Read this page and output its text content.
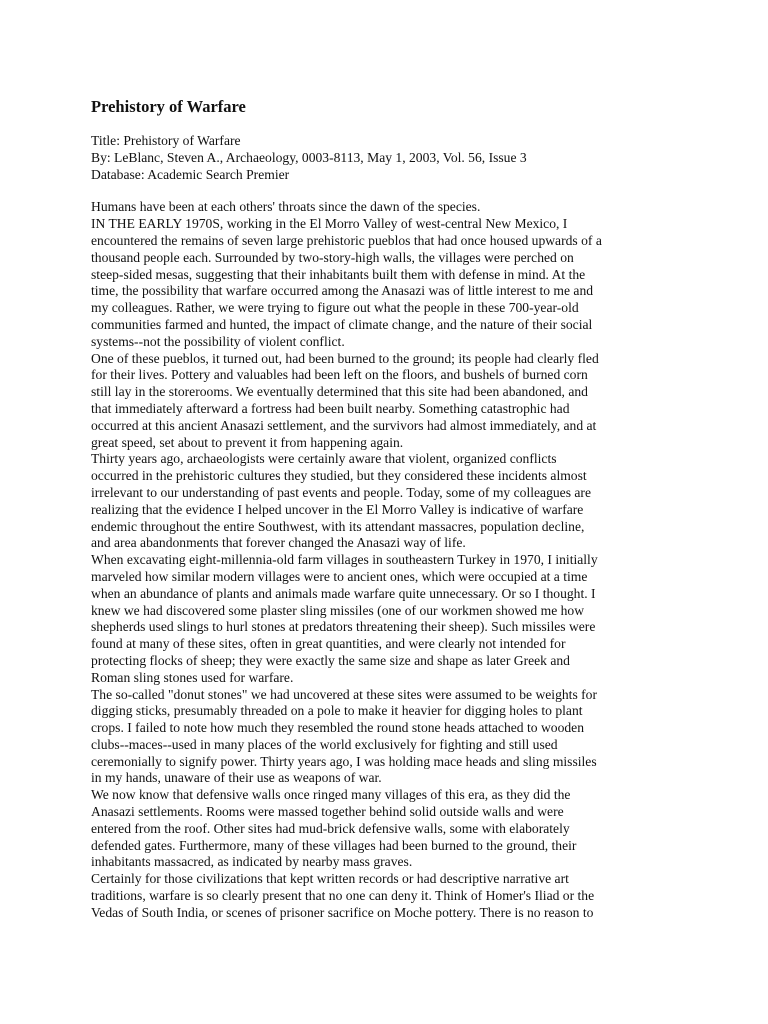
Prehistory of Warfare
Title: Prehistory of Warfare
By: LeBlanc, Steven A., Archaeology, 0003-8113, May 1, 2003, Vol. 56, Issue 3
Database: Academic Search Premier
Humans have been at each others' throats since the dawn of the species.
IN THE EARLY 1970S, working in the El Morro Valley of west-central New Mexico, I
encountered the remains of seven large prehistoric pueblos that had once housed upwards of a
thousand people each. Surrounded by two-story-high walls, the villages were perched on
steep-sided mesas, suggesting that their inhabitants built them with defense in mind. At the
time, the possibility that warfare occurred among the Anasazi was of little interest to me and
my colleagues. Rather, we were trying to figure out what the people in these 700-year-old
communities farmed and hunted, the impact of climate change, and the nature of their social
systems--not the possibility of violent conflict.
One of these pueblos, it turned out, had been burned to the ground; its people had clearly fled
for their lives. Pottery and valuables had been left on the floors, and bushels of burned corn
still lay in the storerooms. We eventually determined that this site had been abandoned, and
that immediately afterward a fortress had been built nearby. Something catastrophic had
occurred at this ancient Anasazi settlement, and the survivors had almost immediately, and at
great speed, set about to prevent it from happening again.
Thirty years ago, archaeologists were certainly aware that violent, organized conflicts
occurred in the prehistoric cultures they studied, but they considered these incidents almost
irrelevant to our understanding of past events and people. Today, some of my colleagues are
realizing that the evidence I helped uncover in the El Morro Valley is indicative of warfare
endemic throughout the entire Southwest, with its attendant massacres, population decline,
and area abandonments that forever changed the Anasazi way of life.
When excavating eight-millennia-old farm villages in southeastern Turkey in 1970, I initially
marveled how similar modern villages were to ancient ones, which were occupied at a time
when an abundance of plants and animals made warfare quite unnecessary. Or so I thought. I
knew we had discovered some plaster sling missiles (one of our workmen showed me how
shepherds used slings to hurl stones at predators threatening their sheep). Such missiles were
found at many of these sites, often in great quantities, and were clearly not intended for
protecting flocks of sheep; they were exactly the same size and shape as later Greek and
Roman sling stones used for warfare.
The so-called "donut stones" we had uncovered at these sites were assumed to be weights for
digging sticks, presumably threaded on a pole to make it heavier for digging holes to plant
crops. I failed to note how much they resembled the round stone heads attached to wooden
clubs--maces--used in many places of the world exclusively for fighting and still used
ceremonially to signify power. Thirty years ago, I was holding mace heads and sling missiles
in my hands, unaware of their use as weapons of war.
We now know that defensive walls once ringed many villages of this era, as they did the
Anasazi settlements. Rooms were massed together behind solid outside walls and were
entered from the roof. Other sites had mud-brick defensive walls, some with elaborately
defended gates. Furthermore, many of these villages had been burned to the ground, their
inhabitants massacred, as indicated by nearby mass graves.
Certainly for those civilizations that kept written records or had descriptive narrative art
traditions, warfare is so clearly present that no one can deny it. Think of Homer's Iliad or the
Vedas of South India, or scenes of prisoner sacrifice on Moche pottery. There is no reason to
